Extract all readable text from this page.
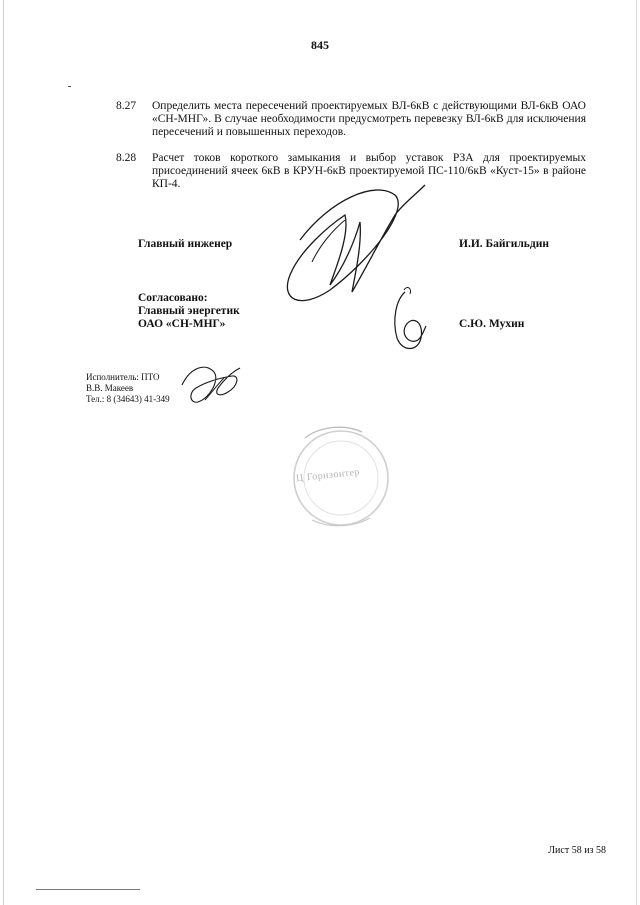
845
8.27 Определить места пересечений проектируемых ВЛ-6кВ с действующими ВЛ-6кВ ОАО «СН-МНГ». В случае необходимости предусмотреть перевезку ВЛ-6кВ для исключения пересечений и повышенных переходов.
8.28 Расчет токов короткого замыкания и выбор уставок РЗА для проектируемых присоединений ячеек 6кВ в КРУН-6кВ проектируемой ПС-110/6кВ «Куст-15» в районе КП-4.
Главный инженер	И.И. Байгильдин
Согласовано:
Главный энергетик
ОАО «СН-МНГ»	С.Ю. Мухин
Исполнитель: ПТО
В.В. Макеев
Тел.: 8 (34643) 41-349
Ц Горизонтер
Лист 58 из 58
